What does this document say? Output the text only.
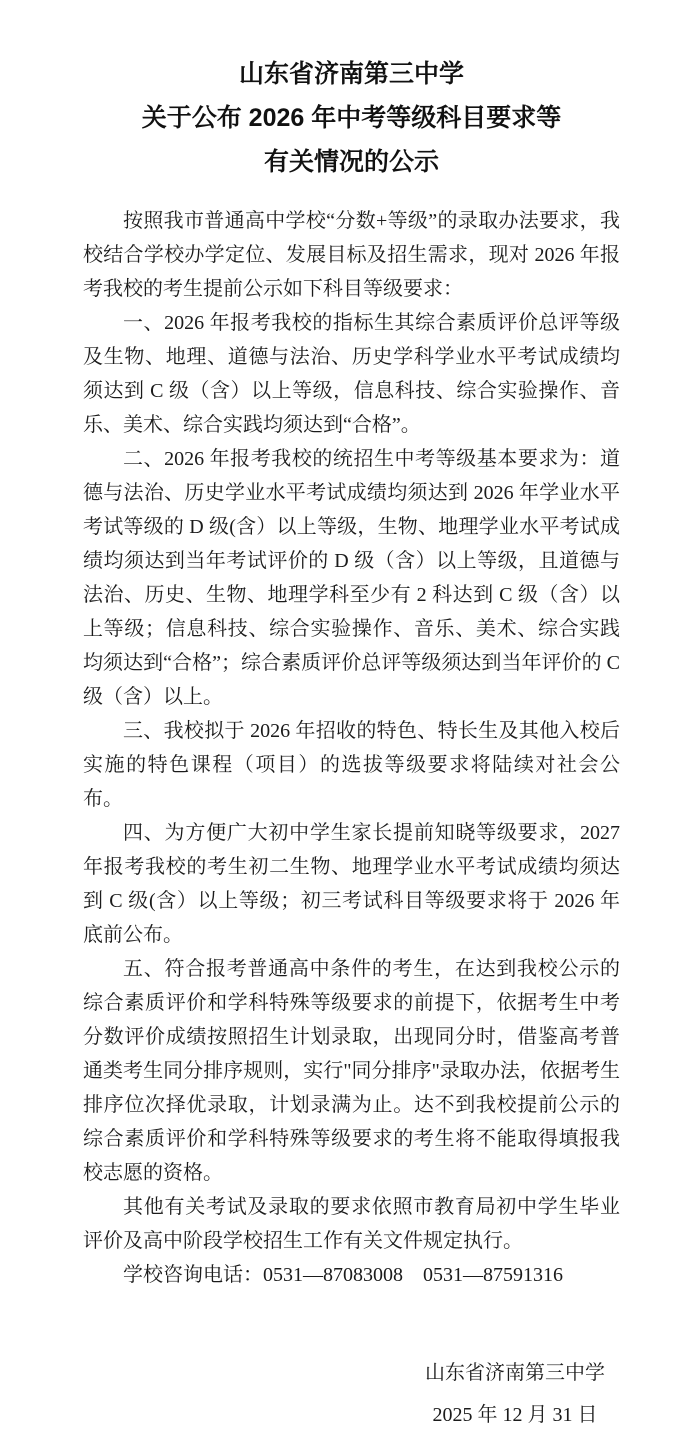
山东省济南第三中学
关于公布 2026 年中考等级科目要求等
有关情况的公示

按照我市普通高中学校“分数+等级”的录取办法要求，我校结合学校办学定位、发展目标及招生需求，现对 2026 年报考我校的考生提前公示如下科目等级要求：

一、2026 年报考我校的指标生其综合素质评价总评等级及生物、地理、道德与法治、历史学科学业水平考试成绩均须达到 C 级（含）以上等级，信息科技、综合实验操作、音乐、美术、综合实践均须达到“合格”。

二、2026 年报考我校的统招生中考等级基本要求为：道德与法治、历史学业水平考试成绩均须达到 2026 年学业水平考试等级的 D 级(含）以上等级，生物、地理学业水平考试成绩均须达到当年考试评价的 D 级（含）以上等级，且道德与法治、历史、生物、地理学科至少有 2 科达到 C 级（含）以上等级；信息科技、综合实验操作、音乐、美术、综合实践均须达到“合格”；综合素质评价总评等级须达到当年评价的 C 级（含）以上。

三、我校拟于 2026 年招收的特色、特长生及其他入校后实施的特色课程（项目）的选拔等级要求将陆续对社会公布。

四、为方便广大初中学生家长提前知晓等级要求，2027 年报考我校的考生初二生物、地理学业水平考试成绩均须达到 C 级(含）以上等级；初三考试科目等级要求将于 2026 年底前公布。

五、符合报考普通高中条件的考生，在达到我校公示的综合素质评价和学科特殊等级要求的前提下，依据考生中考分数评价成绩按照招生计划录取，出现同分时，借鉴高考普通类考生同分排序规则，实行"同分排序"录取办法，依据考生排序位次择优录取，计划录满为止。达不到我校提前公示的综合素质评价和学科特殊等级要求的考生将不能取得填报我校志愿的资格。

其他有关考试及录取的要求依照市教育局初中学生毕业评价及高中阶段学校招生工作有关文件规定执行。

学校咨询电话：0531—87083008　0531—87591316

山东省济南第三中学
2025 年 12 月 31 日
